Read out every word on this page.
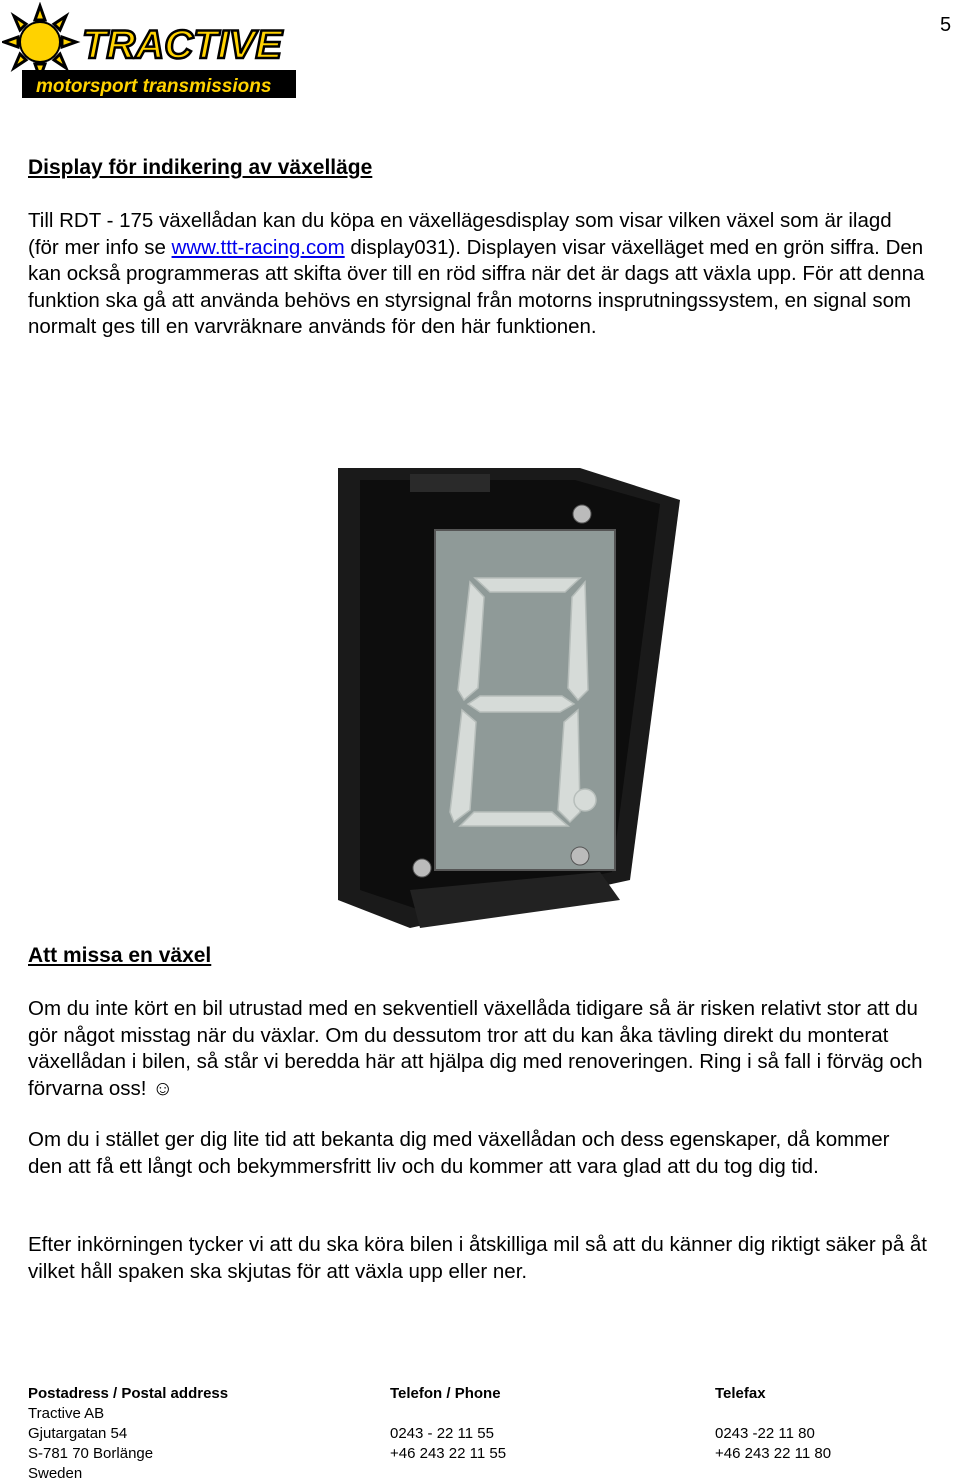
5
TRACTIVE
motorsport transmissions
Display för indikering av växelläge

Till RDT - 175 växellådan kan du köpa en växellägesdisplay som visar vilken växel som är ilagd (för mer info se www.ttt-racing.com display031). Displayen visar växelläget med en grön siffra. Den kan också programmeras att skifta över till en röd siffra när det är dags att växla upp. För att denna funktion ska gå att använda behövs en styrsignal från motorns insprutningssystem, en signal som normalt ges till en varvräknare används för den här funktionen.

Att missa en växel

Om du inte kört en bil utrustad med en sekventiell växellåda tidigare så är risken relativt stor att du gör något misstag när du växlar. Om du dessutom tror att du kan åka tävling direkt du monterat växellådan i bilen, så står vi beredda här att hjälpa dig med renoveringen. Ring i så fall i förväg och förvarna oss! ☺

Om du i stället ger dig lite tid att bekanta dig med växellådan och dess egenskaper, då kommer den att få ett långt och bekymmersfritt liv och du kommer att vara glad att du tog dig tid.

Efter inkörningen tycker vi att du ska köra bilen i åtskilliga mil så att du känner dig riktigt säker på åt vilket håll spaken ska skjutas för att växla upp eller ner.

Postadress / Postal address
Tractive AB
Gjutargatan 54
S-781 70 Borlänge
Sweden
Telefon / Phone
0243 - 22 11 55
+46 243 22 11 55
Telefax
0243 -22 11 80
+46 243 22 11 80
